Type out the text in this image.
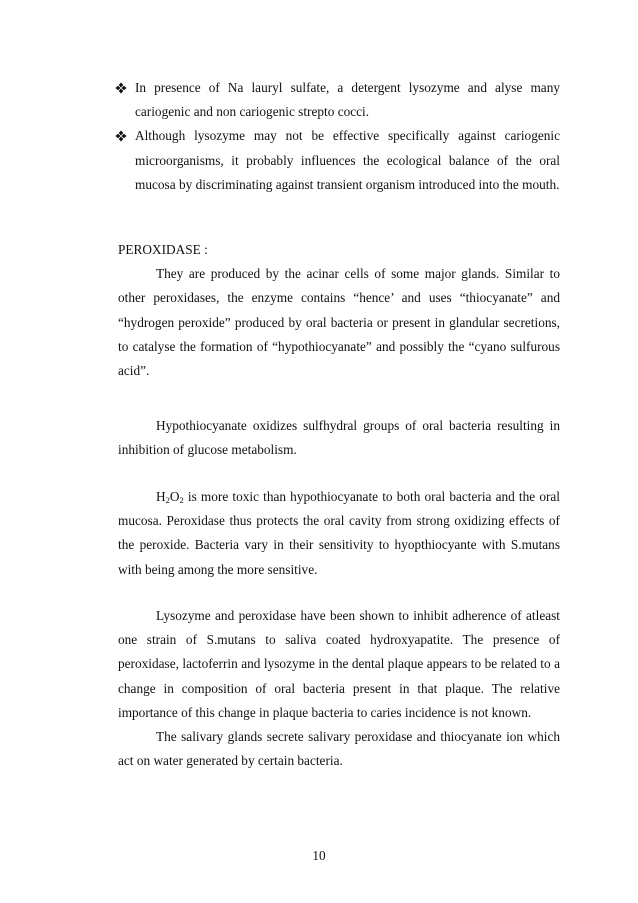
In presence of Na lauryl sulfate, a detergent lysozyme and alyse many cariogenic and non cariogenic strepto cocci.
Although lysozyme may not be effective specifically against cariogenic microorganisms, it probably influences the ecological balance of the oral mucosa by discriminating against transient organism introduced into the mouth.

PEROXIDASE :

They are produced by the acinar cells of some major glands. Similar to other peroxidases, the enzyme contains “hence’ and uses “thiocyanate” and “hydrogen peroxide” produced by oral bacteria or present in glandular secretions, to catalyse the formation of “hypothiocyanate” and possibly the “cyano sulfurous acid”.

Hypothiocyanate oxidizes sulfhydral groups of oral bacteria resulting in inhibition of glucose metabolism.

$H_2O_2$ is more toxic than hypothiocyanate to both oral bacteria and the oral mucosa. Peroxidase thus protects the oral cavity from strong oxidizing effects of the peroxide. Bacteria vary in their sensitivity to hyopthiocyante with S.mutans with being among the more sensitive.

Lysozyme and peroxidase have been shown to inhibit adherence of atleast one strain of S.mutans to saliva coated hydroxyapatite. The presence of peroxidase, lactoferrin and lysozyme in the dental plaque appears to be related to a change in composition of oral bacteria present in that plaque. The relative importance of this change in plaque bacteria to caries incidence is not known.

The salivary glands secrete salivary peroxidase and thiocyanate ion which act on water generated by certain bacteria.

10
